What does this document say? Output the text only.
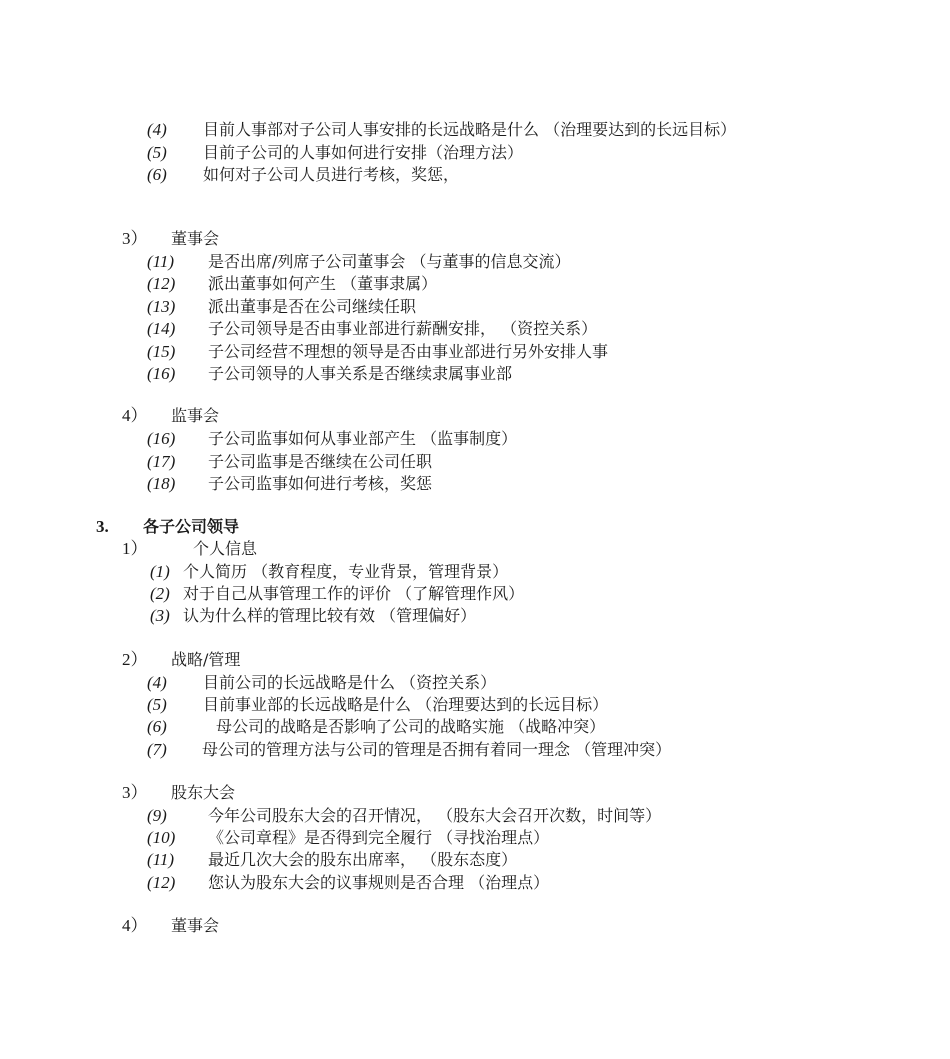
(4) 目前人事部对子公司人事安排的长远战略是什么 （治理要达到的长远目标）
(5) 目前子公司的人事如何进行安排（治理方法）
(6) 如何对子公司人员进行考核，奖惩，
3） 董事会
(11) 是否出席/列席子公司董事会 （与董事的信息交流）
(12) 派出董事如何产生 （董事隶属）
(13) 派出董事是否在公司继续任职
(14) 子公司领导是否由事业部进行薪酬安排， （资控关系）
(15) 子公司经营不理想的领导是否由事业部进行另外安排人事
(16) 子公司领导的人事关系是否继续隶属事业部
4） 监事会
(16) 子公司监事如何从事业部产生 （监事制度）
(17) 子公司监事是否继续在公司任职
(18) 子公司监事如何进行考核，奖惩
3. 各子公司领导
1）	个人信息
(1) 个人简历 （教育程度，专业背景，管理背景）
(2) 对于自己从事管理工作的评价 （了解管理作风）
(3) 认为什么样的管理比较有效 （管理偏好）
2） 战略/管理
(4) 目前公司的长远战略是什么 （资控关系）
(5) 目前事业部的长远战略是什么 （治理要达到的长远目标）
(6)	母公司的战略是否影响了公司的战略实施 （战略冲突）
(7) 母公司的管理方法与公司的管理是否拥有着同一理念 （管理冲突）
3） 股东大会
(9)	今年公司股东大会的召开情况， （股东大会召开次数，时间等）
(10) 《公司章程》是否得到完全履行 （寻找治理点）
(11) 最近几次大会的股东出席率， （股东态度）
(12) 您认为股东大会的议事规则是否合理 （治理点）
4） 董事会
